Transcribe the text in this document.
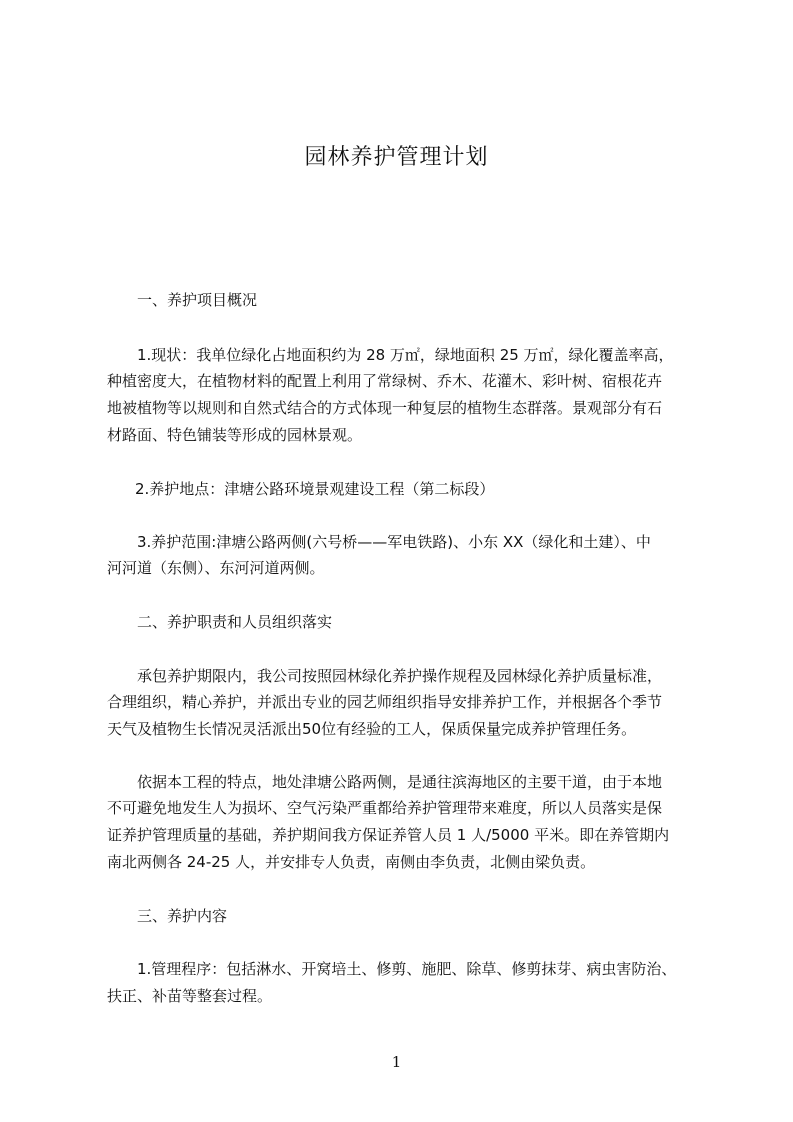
园林养护管理计划
一、养护项目概况
1.现状：我单位绿化占地面积约为 28 万㎡，绿地面积 25 万㎡，绿化覆盖率高，
种植密度大，在植物材料的配置上利用了常绿树、乔木、花灌木、彩叶树、宿根花卉
地被植物等以规则和自然式结合的方式体现一种复层的植物生态群落。景观部分有石
材路面、特色铺装等形成的园林景观。
2.养护地点：津塘公路环境景观建设工程（第二标段）
3.养护范围:津塘公路两侧(六号桥——军电铁路)、小东 XX（绿化和土建）、中
河河道（东侧）、东河河道两侧。
二、养护职责和人员组织落实
承包养护期限内，我公司按照园林绿化养护操作规程及园林绿化养护质量标准，
合理组织，精心养护，并派出专业的园艺师组织指导安排养护工作，并根据各个季节
天气及植物生长情况灵活派出50位有经验的工人，保质保量完成养护管理任务。
依据本工程的特点，地处津塘公路两侧，是通往滨海地区的主要干道，由于本地
不可避免地发生人为损坏、空气污染严重都给养护管理带来难度，所以人员落实是保
证养护管理质量的基础，养护期间我方保证养管人员 1 人/5000 平米。即在养管期内
南北两侧各 24-25 人，并安排专人负责，南侧由李负责，北侧由梁负责。
三、养护内容
1.管理程序：包括淋水、开窝培土、修剪、施肥、除草、修剪抹芽、病虫害防治、
扶正、补苗等整套过程。
1
